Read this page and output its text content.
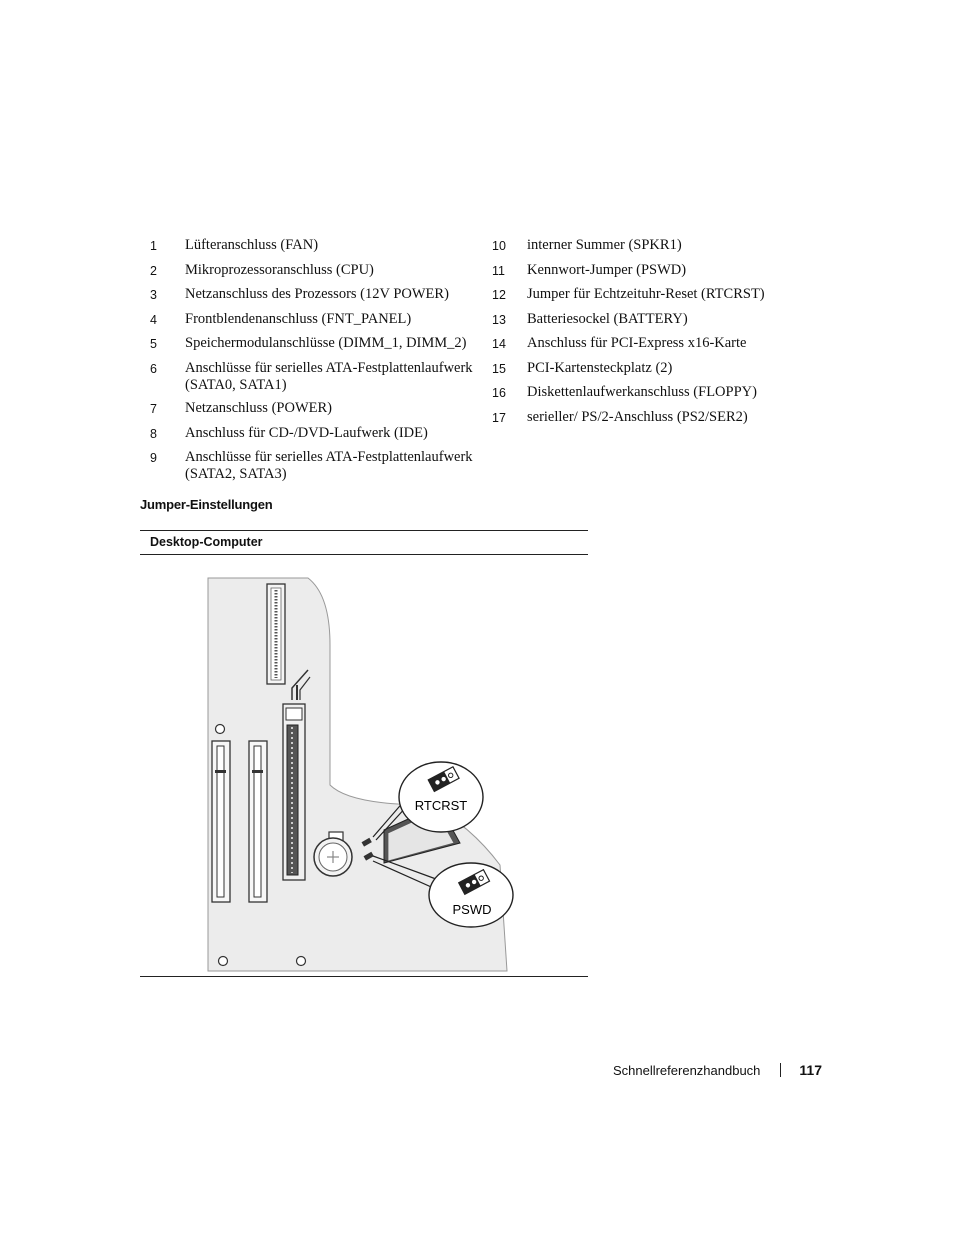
1	Lüfteranschluss (FAN)
2	Mikroprozessoranschluss (CPU)
3	Netzanschluss des Prozessors (12V POWER)
4	Frontblendenanschluss (FNT_PANEL)
5	Speichermodulanschlüsse (DIMM_1, DIMM_2)
6	Anschlüsse für serielles ATA-Festplattenlaufwerk (SATA0, SATA1)
7	Netzanschluss (POWER)
8	Anschluss für CD-/DVD-Laufwerk (IDE)
9	Anschlüsse für serielles ATA-Festplattenlaufwerk (SATA2, SATA3)
10	interner Summer (SPKR1)
11	Kennwort-Jumper (PSWD)
12	Jumper für Echtzeituhr-Reset (RTCRST)
13	Batteriesockel (BATTERY)
14	Anschluss für PCI-Express x16-Karte
15	PCI-Kartensteckplatz (2)
16	Diskettenlaufwerkanschluss (FLOPPY)
17	serieller/ PS/2-Anschluss (PS2/SER2)
Jumper-Einstellungen
Desktop-Computer
RTCRST
PSWD
Schnellreferenzhandbuch	117
